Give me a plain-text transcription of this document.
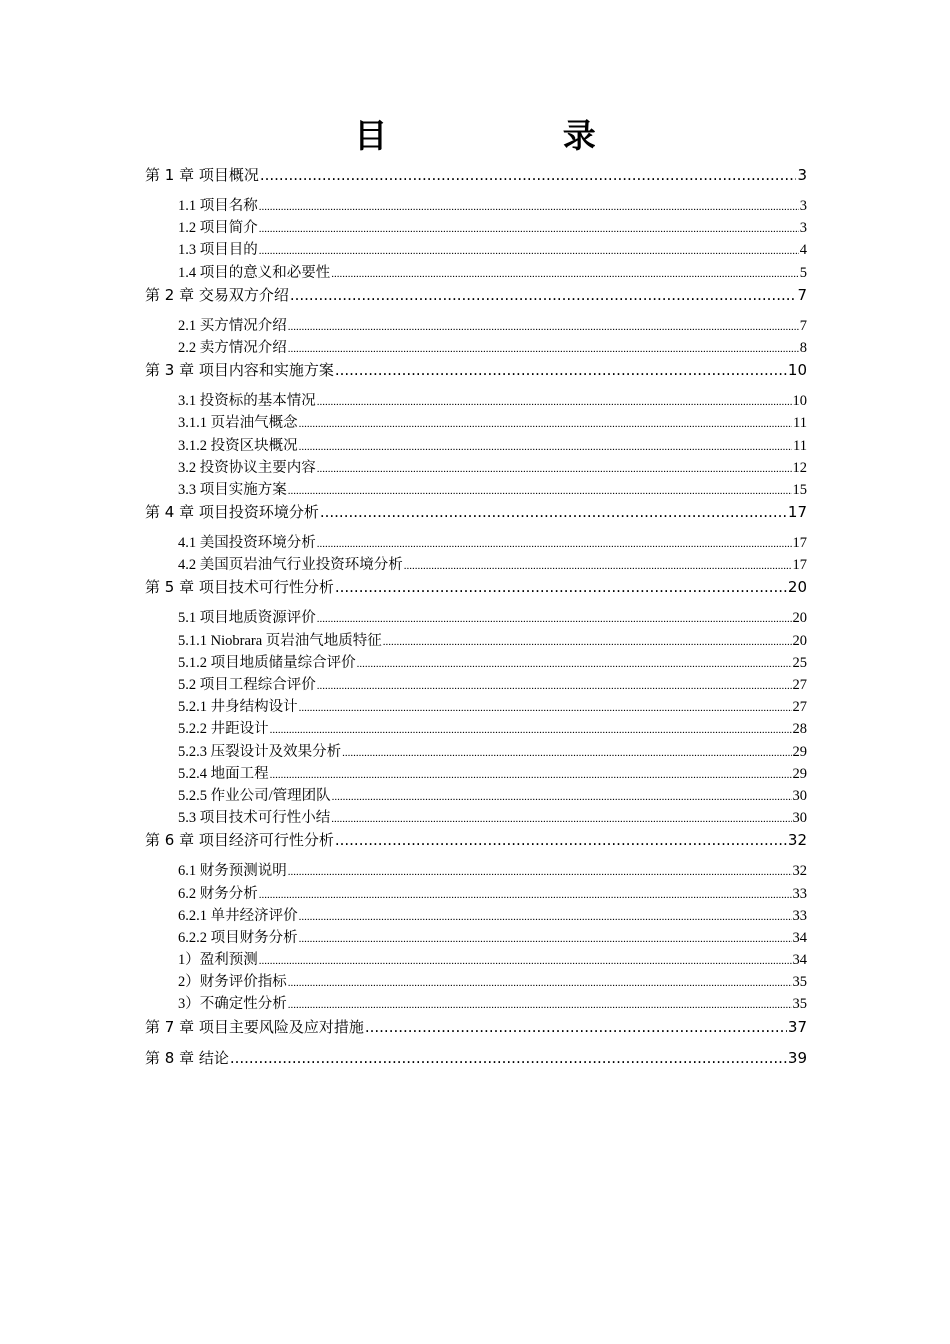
目 录
第 1 章 项目概况 .....	3
1.1 项目名称 .....	3
1.2 项目简介 .....	3
1.3 项目目的 .....	4
1.4 项目的意义和必要性 .....	5
第 2 章 交易双方介绍 .....	7
2.1 买方情况介绍 .....	7
2.2 卖方情况介绍 .....	8
第 3 章 项目内容和实施方案 .....	10
3.1 投资标的基本情况 .....	10
3.1.1 页岩油气概念 .....	11
3.1.2 投资区块概况 .....	11
3.2 投资协议主要内容 .....	12
3.3 项目实施方案 .....	15
第 4 章 项目投资环境分析 .....	17
4.1 美国投资环境分析 .....	17
4.2 美国页岩油气行业投资环境分析 .....	17
第 5 章 项目技术可行性分析 .....	20
5.1 项目地质资源评价 .....	20
5.1.1 Niobrara 页岩油气地质特征 .....	20
5.1.2 项目地质储量综合评价 .....	25
5.2 项目工程综合评价 .....	27
5.2.1 井身结构设计 .....	27
5.2.2 井距设计 .....	28
5.2.3 压裂设计及效果分析 .....	29
5.2.4 地面工程 .....	29
5.2.5 作业公司/管理团队 .....	30
5.3 项目技术可行性小结 .....	30
第 6 章 项目经济可行性分析 .....	32
6.1 财务预测说明 .....	32
6.2 财务分析 .....	33
6.2.1 单井经济评价 .....	33
6.2.2 项目财务分析 .....	34
1）盈利预测 .....	34
2）财务评价指标 .....	35
3）不确定性分析 .....	35
第 7 章 项目主要风险及应对措施 .....	37
第 8 章 结论 .....	39
